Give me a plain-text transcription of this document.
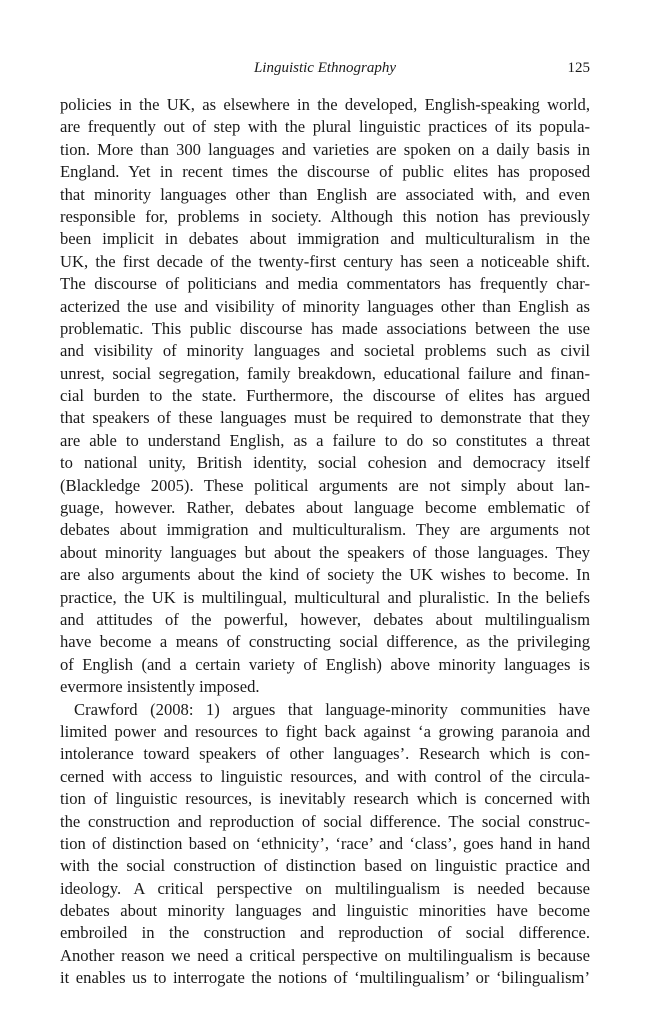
Linguistic Ethnography	125
policies in the UK, as elsewhere in the developed, English-speaking world,
are frequently out of step with the plural linguistic practices of its popula-
tion. More than 300 languages and varieties are spoken on a daily basis in
England. Yet in recent times the discourse of public elites has proposed
that minority languages other than English are associated with, and even
responsible for, problems in society. Although this notion has previously
been implicit in debates about immigration and multiculturalism in the
UK, the first decade of the twenty-first century has seen a noticeable shift.
The discourse of politicians and media commentators has frequently char-
acterized the use and visibility of minority languages other than English as
problematic. This public discourse has made associations between the use
and visibility of minority languages and societal problems such as civil
unrest, social segregation, family breakdown, educational failure and finan-
cial burden to the state. Furthermore, the discourse of elites has argued
that speakers of these languages must be required to demonstrate that they
are able to understand English, as a failure to do so constitutes a threat
to national unity, British identity, social cohesion and democracy itself
(Blackledge 2005). These political arguments are not simply about lan-
guage, however. Rather, debates about language become emblematic of
debates about immigration and multiculturalism. They are arguments not
about minority languages but about the speakers of those languages. They
are also arguments about the kind of society the UK wishes to become. In
practice, the UK is multilingual, multicultural and pluralistic. In the beliefs
and attitudes of the powerful, however, debates about multilingualism
have become a means of constructing social difference, as the privileging
of English (and a certain variety of English) above minority languages is
evermore insistently imposed.
Crawford (2008: 1) argues that language-minority communities have
limited power and resources to fight back against ‘a growing paranoia and
intolerance toward speakers of other languages’. Research which is con-
cerned with access to linguistic resources, and with control of the circula-
tion of linguistic resources, is inevitably research which is concerned with
the construction and reproduction of social difference. The social construc-
tion of distinction based on ‘ethnicity’, ‘race’ and ‘class’, goes hand in hand
with the social construction of distinction based on linguistic practice and
ideology. A critical perspective on multilingualism is needed because
debates about minority languages and linguistic minorities have become
embroiled in the construction and reproduction of social difference.
Another reason we need a critical perspective on multilingualism is because
it enables us to interrogate the notions of ‘multilingualism’ or ‘bilingualism’
